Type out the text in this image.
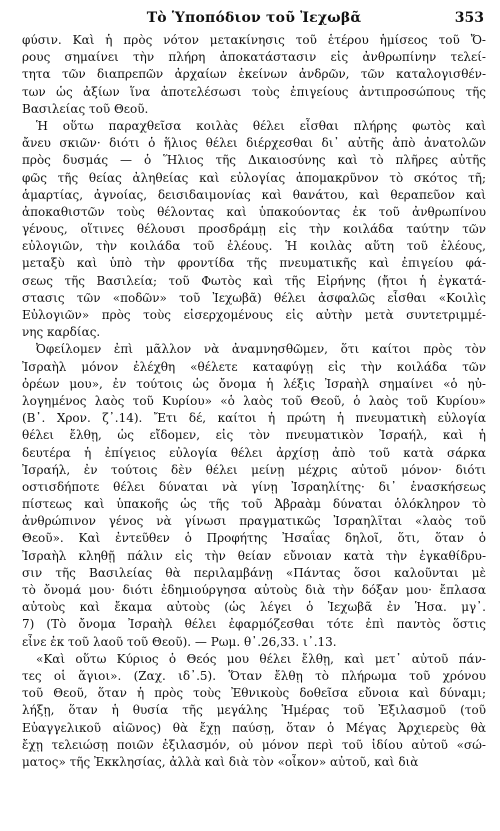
Τὸ Ὑποπόδιον τοῦ Ἰεχωβᾶ	353
φύσιν. Καὶ ἡ πρὸς νότον μετακίνησις τοῦ ἑτέρου ἡμίσεος τοῦ Ὄ-
ρους σημαίνει τὴν πλήρη ἀποκατάστασιν εἰς ἀνθρωπίνην τελεί-
τητα τῶν διαπρεπῶν ἀρχαίων ἐκείνων ἀνδρῶν, τῶν καταλογισθέν-
των ὡς ἀξίων ἵνα ἀποτελέσωσι τοὺς ἐπιγείους ἀντιπροσώπους τῆς
Βασιλείας τοῦ Θεοῦ.
Ἡ οὕτω παραχθεῖσα κοιλὰς θέλει εἶσθαι πλήρης φωτὸς καὶ
ἄνευ σκιῶν· διότι ὁ ἥλιος θέλει διέρχεσθαι δι᾽ αὐτῆς ἀπὸ ἀνατολῶν
πρὸς δυσμάς — ὁ Ἥλιος τῆς Δικαιοσύνης καὶ τὸ πλῆρες αὐτῆς
φῶς τῆς θείας ἀληθείας καὶ εὐλογίας ἀπομακρῦνον τὸ σκότος τῆ;
ἁμαρτίας, ἀγνοίας, δεισιδαιμονίας καὶ θανάτου, καὶ θεραπεῦον καὶ
ἀποκαθιστῶν τοὺς θέλοντας καὶ ὑπακούοντας ἐκ τοῦ ἀνθρωπίνου
γένους, οἵτινες θέλουσι προσδράμῃ εἰς τὴν κοιλάδα ταύτην τῶν
εὐλογιῶν, τὴν κοιλάδα τοῦ ἐλέους. Ἡ κοιλὰς αὕτη τοῦ ἐλέους,
μεταξὺ καὶ ὑπὸ τὴν φροντίδα τῆς πνευματικῆς καὶ ἐπιγείου φά-
σεως τῆς Βασιλεία; τοῦ Φωτὸς καὶ τῆς Εἰρήνης (ἤτοι ἡ ἐγκατά-
στασις τῶν «ποδῶν» τοῦ Ἰεχωβᾶ) θέλει ἀσφαλῶς εἶσθαι «Κοιλὶς
Εὐλογιῶν» πρὸς τοὺς εἰσερχομένους εἰς αὐτὴν μετὰ συντετριμμέ-
νης καρδίας.
Ὀφείλομεν ἐπὶ μᾶλλον νὰ ἀναμνησθῶμεν, ὅτι καίτοι πρὸς τὸν
Ἰσραὴλ μόνον ἐλέχθη «θέλετε καταφύγῃ εἰς τὴν κοιλάδα τῶν
ὀρέων μου», ἐν τούτοις ὡς ὄνομα ἡ λέξις Ἰσραὴλ σημαίνει «ὁ ηὐ-
λογημένος λαὸς τοῦ Κυρίου» «ὁ λαὸς τοῦ Θεοῦ, ὁ λαὸς τοῦ Κυρίου»
(Β᾽. Χρον. ζ᾽.14). Ἔτι δέ, καίτοι ἡ πρώτη ἡ πνευματικὴ εὐλογία
θέλει ἔλθῃ, ὡς εἴδομεν, εἰς τὸν πνευματικὸν Ἰσραήλ, καὶ ἡ
δευτέρα ἡ ἐπίγειος εὐλογία θέλει ἀρχίσῃ ἀπὸ τοῦ κατὰ σάρκα
Ἰσραήλ, ἐν τούτοις δὲν θέλει μείνῃ μέχρις αὐτοῦ μόνον· διότι
οστισδήποτε θέλει δύναται νὰ γίνῃ Ἰσραηλίτης· δι᾽ ἐνασκήσεως
πίστεως καὶ ὑπακοῆς ὡς τῆς τοῦ Ἀβραὰμ δύναται ὁλόκληρον τὸ
ἀνθρώπινον γένος νὰ γίνωσι πραγματικῶς Ἰσραηλῖται «λαὸς τοῦ
Θεοῦ». Καὶ ἐντεῦθεν ὁ Προφήτης Ἠσαΐας δηλοῖ, ὅτι, ὅταν ὁ
Ἰσραὴλ κληθῇ πάλιν εἰς τὴν θείαν εὔνοιαν κατὰ τὴν ἐγκαθίδρυ-
σιν τῆς Βασιλείας θὰ περιλαμβάνῃ «Πάντας ὅσοι καλοῦνται μὲ
τὸ ὄνομά μου· διότι ἐδημιούργησα αὐτοὺς διὰ τὴν δόξαν μου· ἔπλασα
αὐτοὺς καὶ ἔκαμα αὐτοὺς (ὡς λέγει ὁ Ἰεχωβᾶ ἐν Ἡσα. μγ᾽.
7) (Τὸ ὄνομα Ἰσραὴλ θέλει ἐφαρμόζεσθαι τότε ἐπὶ παντὸς ὅστις
εἶνε ἐκ τοῦ λαοῦ τοῦ Θεοῦ). — Ρωμ. θ᾽.26,33. ι᾽.13.
«Καὶ οὕτω Κύριος ὁ Θεός μου θέλει ἔλθῃ, καὶ μετ᾽ αὐτοῦ πάν-
τες οἱ ἅγιοι». (Ζαχ. ιδ᾽.5). Ὅταν ἔλθῃ τὸ πλήρωμα τοῦ χρόνου
τοῦ Θεοῦ, ὅταν ἡ πρὸς τοὺς Ἐθνικοὺς δοθεῖσα εὔνοια καὶ δύναμι;
λήξῃ, ὅταν ἡ θυσία τῆς μεγάλης Ἡμέρας τοῦ Ἐξιλασμοῦ (τοῦ
Εὐαγγελικοῦ αἰῶνος) θὰ ἔχῃ παύσῃ, ὅταν ὁ Μέγας Ἀρχιερεὺς θὰ
ἔχῃ τελειώσῃ ποιῶν ἐξιλασμόν, οὐ μόνον περὶ τοῦ ἰδίου αὐτοῦ «σώ-
ματος» τῆς Ἐκκλησίας, ἀλλὰ καὶ διὰ τὸν «οἶκον» αὐτοῦ, καὶ διὰ
